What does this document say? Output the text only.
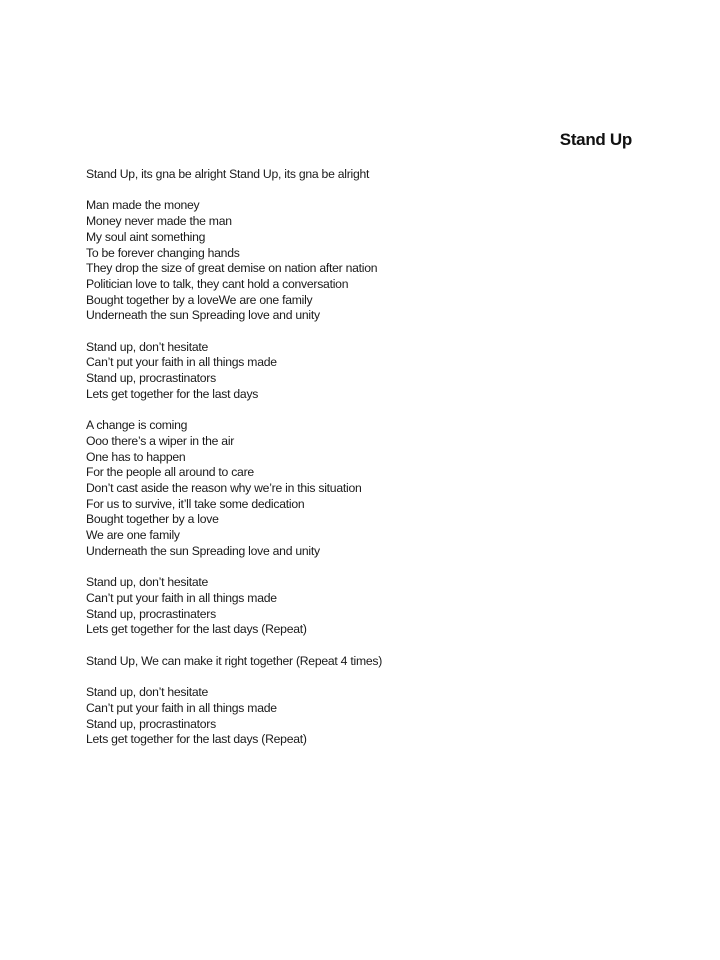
Stand Up
Stand Up, its gna be alright Stand Up, its gna be alright
Man made the money
Money never made the man
My soul aint something
To be forever changing hands
They drop the size of great demise on nation after nation
Politician love to talk, they cant hold a conversation
Bought together by a loveWe are one family
Underneath the sun Spreading love and unity
Stand up, don’t hesitate
Can’t put your faith in all things made
Stand up, procrastinators
Lets get together for the last days
A change is coming
Ooo there’s a wiper in the air
One has to happen
For the people all around to care
Don’t cast aside the reason why we’re in this situation
For us to survive, it’ll take some dedication
Bought together by a love
We are one family
Underneath the sun Spreading love and unity
Stand up, don’t hesitate
Can’t put your faith in all things made
Stand up, procrastinaters
Lets get together for the last days (Repeat)
Stand Up, We can make it right together (Repeat 4 times)
Stand up, don’t hesitate
Can’t put your faith in all things made
Stand up, procrastinators
Lets get together for the last days (Repeat)
